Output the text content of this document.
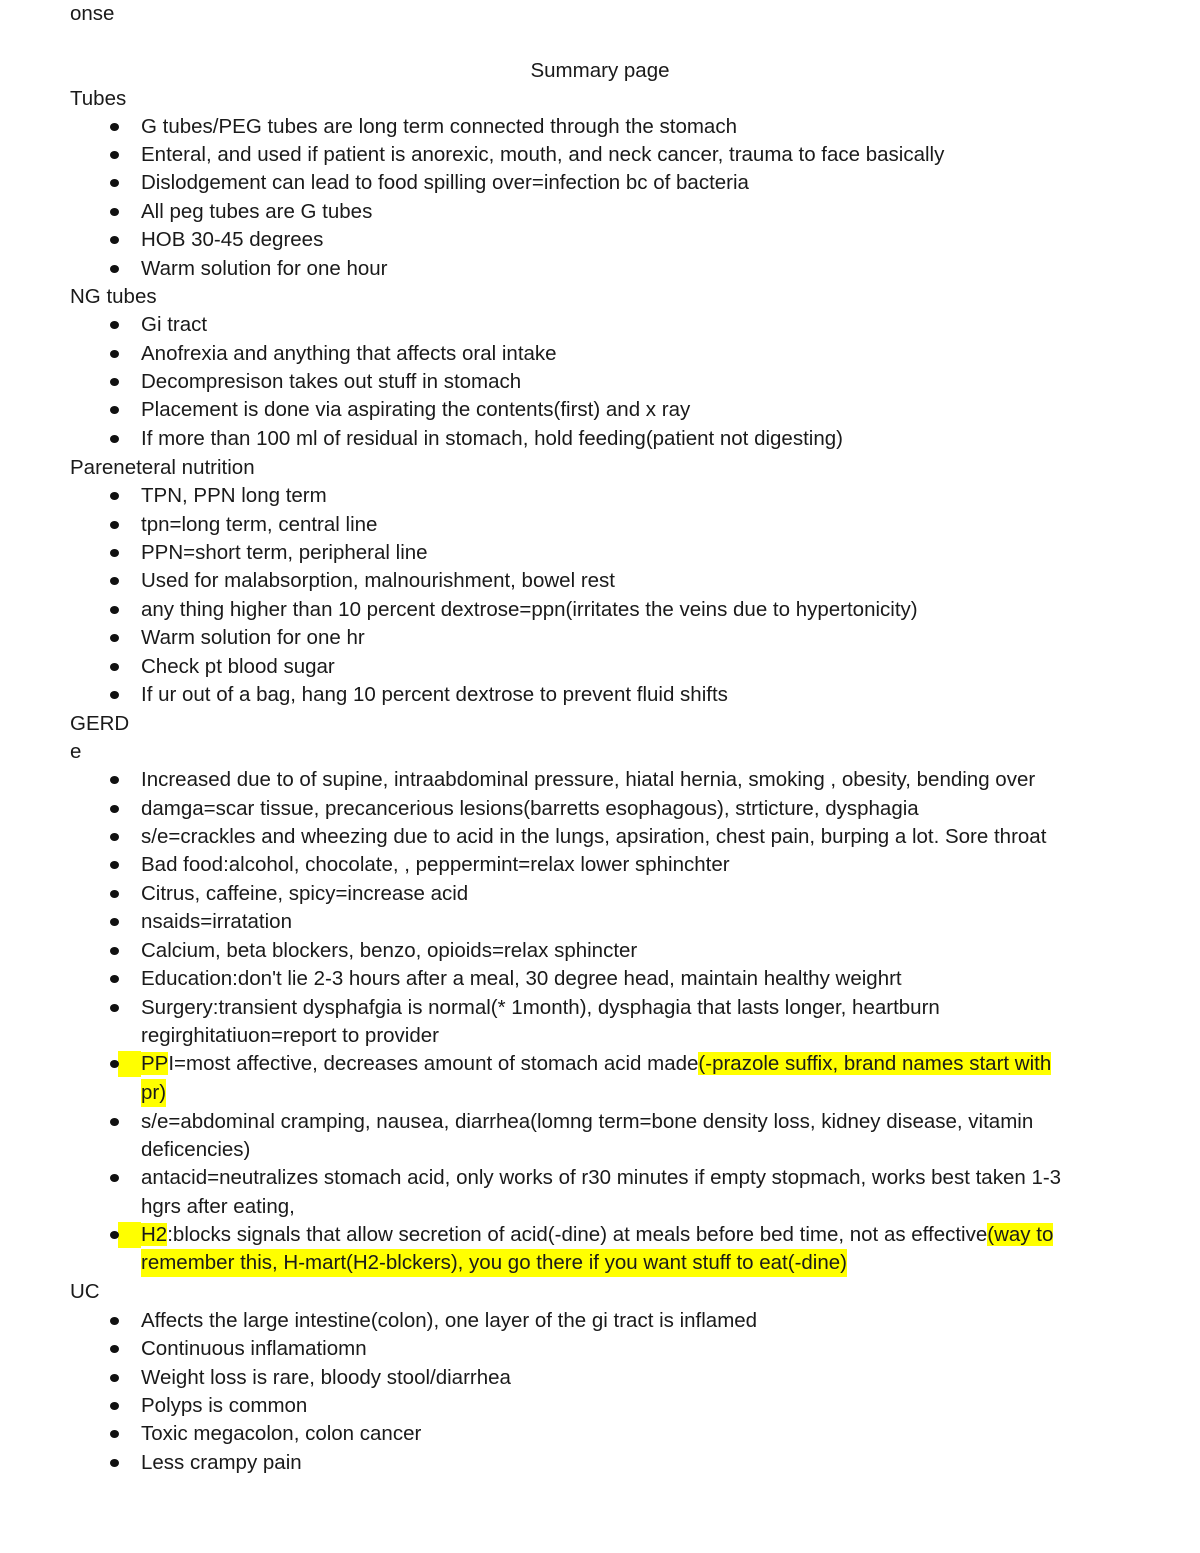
onse
Summary page
Tubes
G tubes/PEG tubes are long term connected through the stomach
Enteral, and used if patient is anorexic, mouth, and neck cancer, trauma to face basically
Dislodgement can lead to food spilling over=infection bc of bacteria
All peg tubes are G tubes
HOB 30-45 degrees
Warm solution for one hour
NG tubes
Gi tract
Anofrexia and anything that affects oral intake
Decompresison takes out stuff in stomach
Placement is done via aspirating the contents(first) and x ray
If more than 100 ml of residual in stomach, hold feeding(patient not digesting)
Pareneteral nutrition
TPN, PPN long term
tpn=long term, central line
PPN=short term, peripheral line
Used for malabsorption, malnourishment, bowel rest
any thing higher than 10 percent dextrose=ppn(irritates the veins due to hypertonicity)
Warm solution for one hr
Check pt blood sugar
If ur out of a bag, hang 10 percent dextrose to prevent fluid shifts
GERD
e
Increased due to of supine, intraabdominal pressure, hiatal hernia, smoking , obesity, bending over
damga=scar tissue, precancerious lesions(barretts esophagous), strticture, dysphagia
s/e=crackles and wheezing due to acid in the lungs, apsiration, chest pain, burping a lot. Sore throat
Bad food:alcohol, chocolate, , peppermint=relax lower sphinchter
Citrus, caffeine, spicy=increase acid
nsaids=irratation
Calcium, beta blockers, benzo, opioids=relax sphincter
Education:don't lie 2-3 hours after a meal, 30 degree head, maintain healthy weighrt
Surgery:transient dysphafgia is normal(* 1month), dysphagia that lasts longer, heartburn
regirghitatiuon=report to provider
PPI=most affective, decreases amount of stomach acid made(-prazole suffix, brand names start with
pr)
s/e=abdominal cramping, nausea, diarrhea(lomng term=bone density loss, kidney disease, vitamin
deficencies)
antacid=neutralizes stomach acid, only works of r30 minutes if empty stopmach, works best taken 1-3
hgrs after eating,
H2:blocks signals that allow secretion of acid(-dine) at meals before bed time, not as effective(way to
remember this, H-mart(H2-blckers), you go there if you want stuff to eat(-dine)
UC
Affects the large intestine(colon), one layer of the gi tract is inflamed
Continuous inflamatiomn
Weight loss is rare, bloody stool/diarrhea
Polyps is common
Toxic megacolon, colon cancer
Less crampy pain
